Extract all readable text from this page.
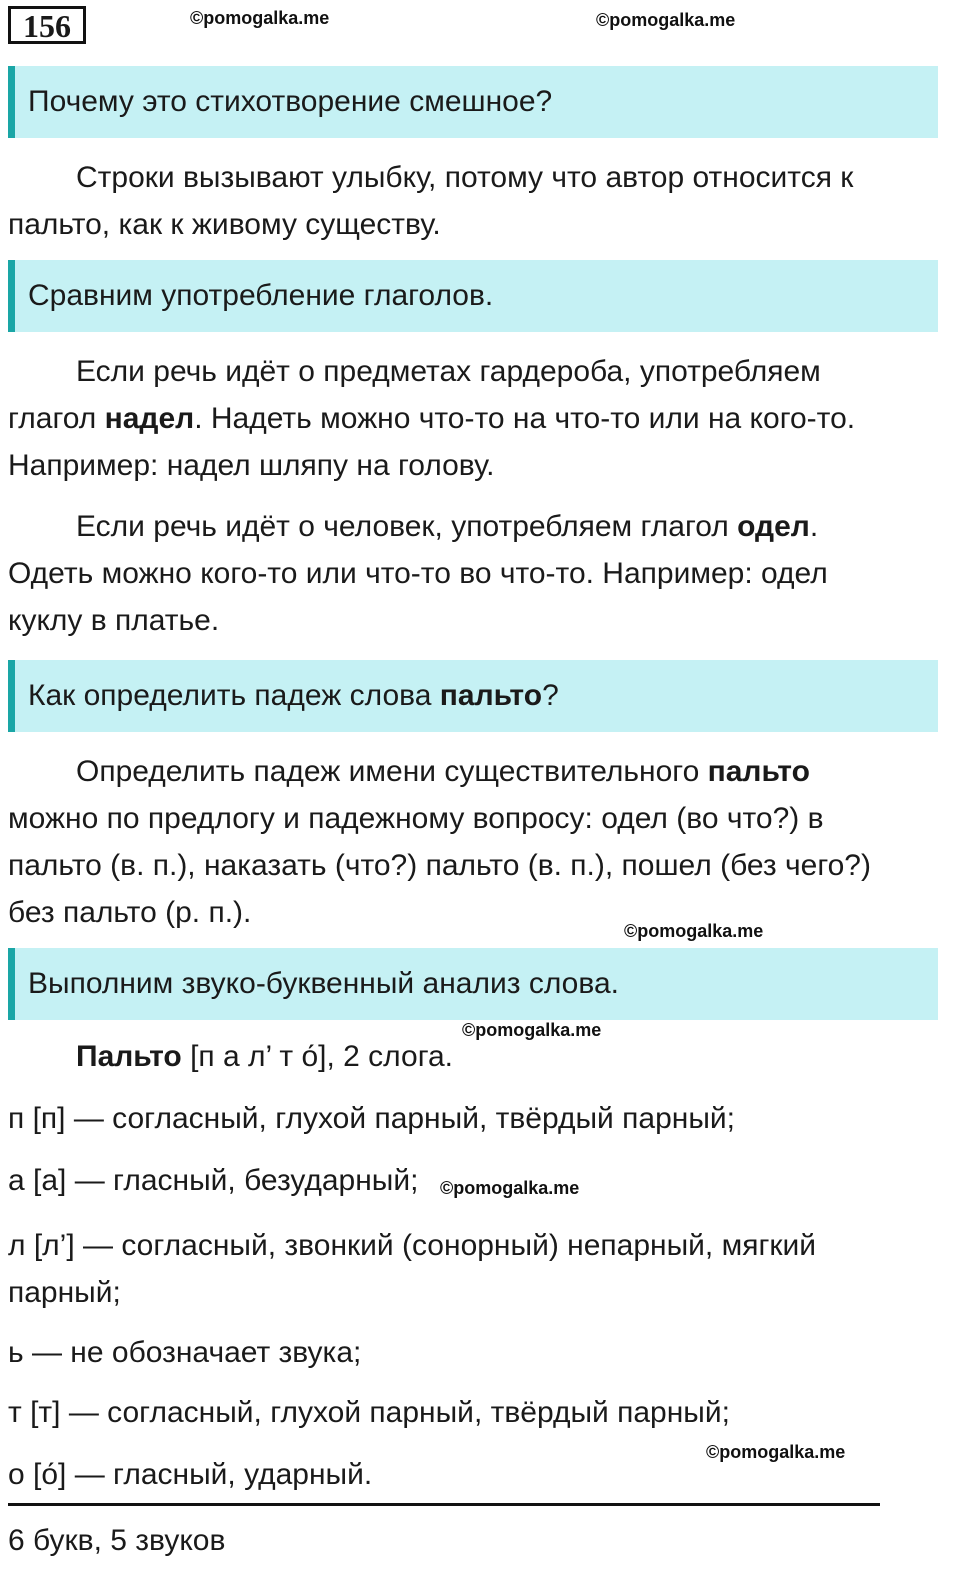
156	©pomogalka.me	©pomogalka.me
Почему это стихотворение смешное?
Строки вызывают улыбку, потому что автор относится к пальто, как к живому существу.
Сравним употребление глаголов.
Если речь идёт о предметах гардероба, употребляем глагол надел. Надеть можно что-то на что-то или на кого-то. Например: надел шляпу на голову.
Если речь идёт о человек, употребляем глагол одел. Одеть можно кого-то или что-то во что-то. Например: одел куклу в платье.
Как определить падеж слова пальто?
Определить падеж имени существительного пальто можно по предлогу и падежному вопросу: одел (во что?) в пальто (в. п.), наказать (что?) пальто (в. п.), пошел (без чего?) без пальто (р. п.).
©pomogalka.me
Выполним звуко-буквенный анализ слова.
©pomogalka.me
Пальто [п а л’ т о́], 2 слога.
п [п] — согласный, глухой парный, твёрдый парный;
а [а] — гласный, безударный; ©pomogalka.me
л [л’] — согласный, звонкий (сонорный) непарный, мягкий парный;
ь — не обозначает звука;
т [т] — согласный, глухой парный, твёрдый парный;
©pomogalka.me
о [о́] — гласный, ударный.
6 букв, 5 звуков
